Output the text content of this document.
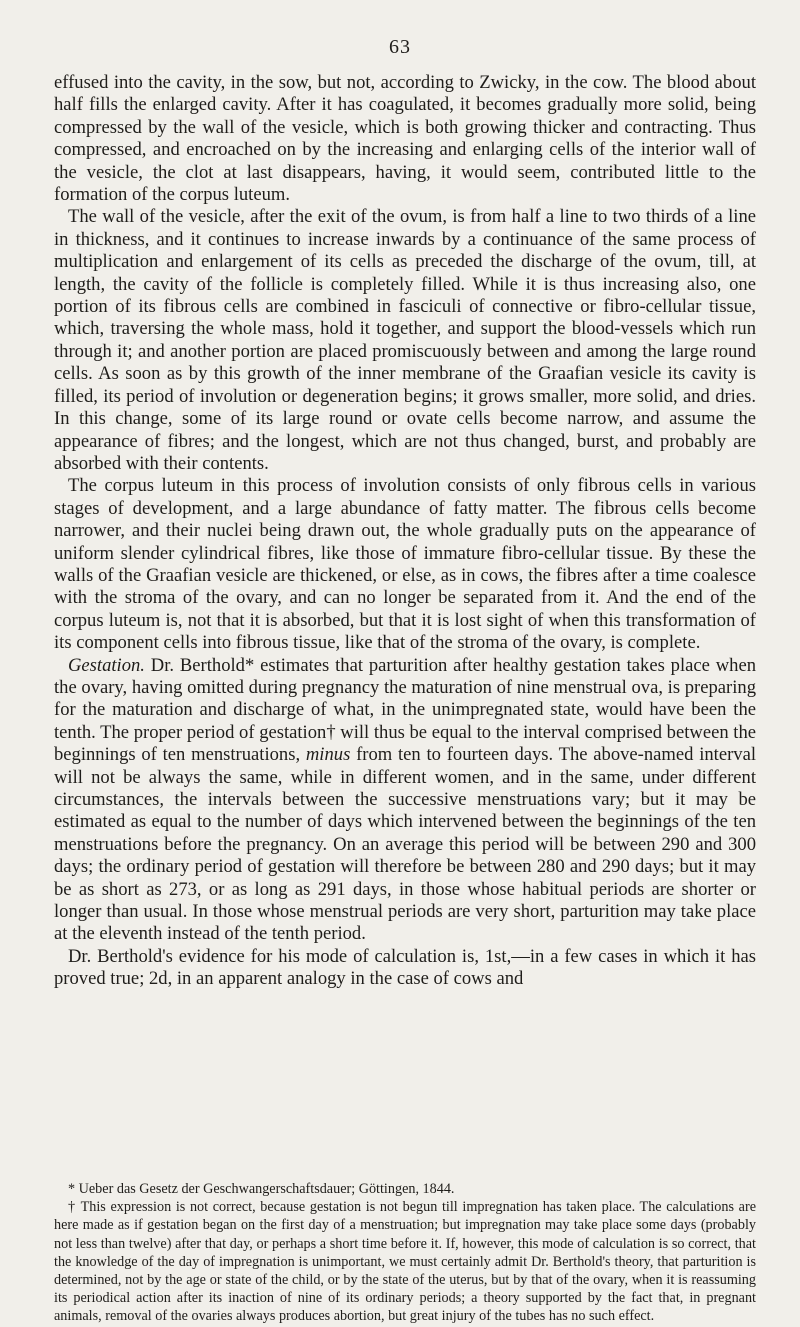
63

effused into the cavity, in the sow, but not, according to Zwicky, in the cow. The blood about half fills the enlarged cavity. After it has coagulated, it becomes gradually more solid, being compressed by the wall of the vesicle, which is both growing thicker and contracting. Thus compressed, and encroached on by the increasing and enlarging cells of the interior wall of the vesicle, the clot at last disappears, having, it would seem, contributed little to the formation of the corpus luteum.

The wall of the vesicle, after the exit of the ovum, is from half a line to two thirds of a line in thickness, and it continues to increase inwards by a continuance of the same process of multiplication and enlargement of its cells as preceded the discharge of the ovum, till, at length, the cavity of the follicle is completely filled. While it is thus increasing also, one portion of its fibrous cells are combined in fasciculi of connective or fibro-cellular tissue, which, traversing the whole mass, hold it together, and support the blood-vessels which run through it; and another portion are placed promiscuously between and among the large round cells. As soon as by this growth of the inner membrane of the Graafian vesicle its cavity is filled, its period of involution or degeneration begins; it grows smaller, more solid, and dries. In this change, some of its large round or ovate cells become narrow, and assume the appearance of fibres; and the longest, which are not thus changed, burst, and probably are absorbed with their contents.

The corpus luteum in this process of involution consists of only fibrous cells in various stages of development, and a large abundance of fatty matter. The fibrous cells become narrower, and their nuclei being drawn out, the whole gradually puts on the appearance of uniform slender cylindrical fibres, like those of immature fibro-cellular tissue. By these the walls of the Graafian vesicle are thickened, or else, as in cows, the fibres after a time coalesce with the stroma of the ovary, and can no longer be separated from it. And the end of the corpus luteum is, not that it is absorbed, but that it is lost sight of when this transformation of its component cells into fibrous tissue, like that of the stroma of the ovary, is complete.

Gestation. Dr. Berthold* estimates that parturition after healthy gestation takes place when the ovary, having omitted during pregnancy the maturation of nine menstrual ova, is preparing for the maturation and discharge of what, in the unimpregnated state, would have been the tenth. The proper period of gestation† will thus be equal to the interval comprised between the beginnings of ten menstruations, minus from ten to fourteen days. The above-named interval will not be always the same, while in different women, and in the same, under different circumstances, the intervals between the successive menstruations vary; but it may be estimated as equal to the number of days which intervened between the beginnings of the ten menstruations before the pregnancy. On an average this period will be between 290 and 300 days; the ordinary period of gestation will therefore be between 280 and 290 days; but it may be as short as 273, or as long as 291 days, in those whose habitual periods are shorter or longer than usual. In those whose menstrual periods are very short, parturition may take place at the eleventh instead of the tenth period.

Dr. Berthold's evidence for his mode of calculation is, 1st,—in a few cases in which it has proved true; 2d, in an apparent analogy in the case of cows and

* Ueber das Gesetz der Geschwangerschaftsdauer; Göttingen, 1844.

† This expression is not correct, because gestation is not begun till impregnation has taken place. The calculations are here made as if gestation began on the first day of a menstruation; but impregnation may take place some days (probably not less than twelve) after that day, or perhaps a short time before it. If, however, this mode of calculation is so correct, that the knowledge of the day of impregnation is unimportant, we must certainly admit Dr. Berthold's theory, that parturition is determined, not by the age or state of the child, or by the state of the uterus, but by that of the ovary, when it is reassuming its periodical action after its inaction of nine of its ordinary periods; a theory supported by the fact that, in pregnant animals, removal of the ovaries always produces abortion, but great injury of the tubes has no such effect.
